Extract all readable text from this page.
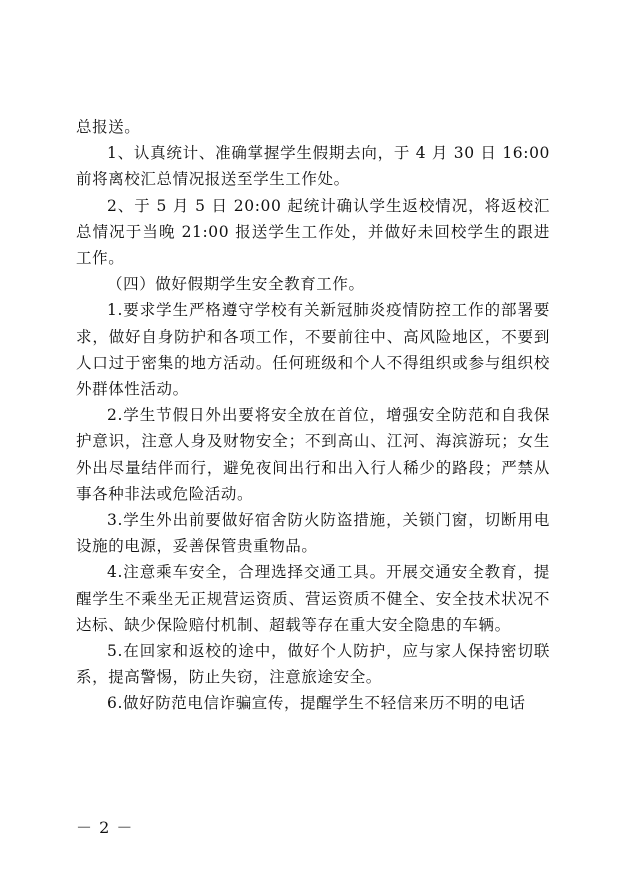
总报送。

1、认真统计、准确掌握学生假期去向，于 4 月 30 日 16:00 前将离校汇总情况报送至学生工作处。

2、于 5 月 5 日 20:00 起统计确认学生返校情况，将返校汇总情况于当晚 21:00 报送学生工作处，并做好未回校学生的跟进工作。

（四）做好假期学生安全教育工作。

1.要求学生严格遵守学校有关新冠肺炎疫情防控工作的部署要求，做好自身防护和各项工作，不要前往中、高风险地区，不要到人口过于密集的地方活动。任何班级和个人不得组织或参与组织校外群体性活动。

2.学生节假日外出要将安全放在首位，增强安全防范和自我保护意识，注意人身及财物安全；不到高山、江河、海滨游玩；女生外出尽量结伴而行，避免夜间出行和出入行人稀少的路段；严禁从事各种非法或危险活动。

3.学生外出前要做好宿舍防火防盗措施，关锁门窗，切断用电设施的电源，妥善保管贵重物品。

4.注意乘车安全，合理选择交通工具。开展交通安全教育，提醒学生不乘坐无正规营运资质、营运资质不健全、安全技术状况不达标、缺少保险赔付机制、超载等存在重大安全隐患的车辆。

5.在回家和返校的途中，做好个人防护，应与家人保持密切联系，提高警惕，防止失窃，注意旅途安全。

6.做好防范电信诈骗宣传，提醒学生不轻信来历不明的电话

－ 2 －
